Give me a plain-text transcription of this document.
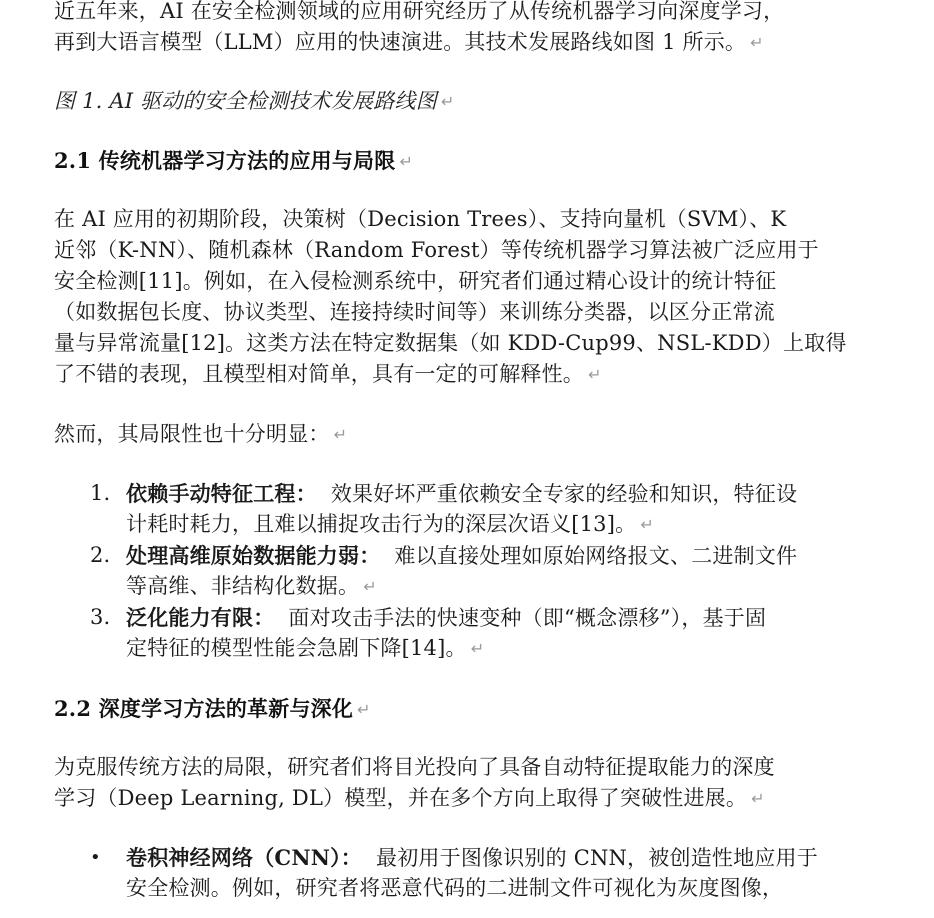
近五年来，AI 在安全检测领域的应用研究经历了从传统机器学习向深度学习，
再到大语言模型（LLM）应用的快速演进。其技术发展路线如图 1 所示。 ↵
图 1. AI 驱动的安全检测技术发展路线图 ↵
2.1 传统机器学习方法的应用与局限 ↵
在 AI 应用的初期阶段，决策树（Decision Trees）、支持向量机（SVM）、K
近邻（K-NN）、随机森林（Random Forest）等传统机器学习算法被广泛应用于
安全检测[11]。例如，在入侵检测系统中，研究者们通过精心设计的统计特征
（如数据包长度、协议类型、连接持续时间等）来训练分类器，以区分正常流
量与异常流量[12]。这类方法在特定数据集（如 KDD-Cup99、NSL-KDD）上取得
了不错的表现，且模型相对简单，具有一定的可解释性。 ↵
然而，其局限性也十分明显： ↵
1. 依赖手动特征工程： 效果好坏严重依赖安全专家的经验和知识，特征设
计耗时耗力，且难以捕捉攻击行为的深层次语义[13]。 ↵
2. 处理高维原始数据能力弱： 难以直接处理如原始网络报文、二进制文件
等高维、非结构化数据。 ↵
3. 泛化能力有限： 面对攻击手法的快速变种（即“概念漂移”），基于固
定特征的模型性能会急剧下降[14]。 ↵
2.2 深度学习方法的革新与深化 ↵
为克服传统方法的局限，研究者们将目光投向了具备自动特征提取能力的深度
学习（Deep Learning, DL）模型，并在多个方向上取得了突破性进展。 ↵
• 卷积神经网络（CNN）： 最初用于图像识别的 CNN，被创造性地应用于
安全检测。例如，研究者将恶意代码的二进制文件可视化为灰度图像，
